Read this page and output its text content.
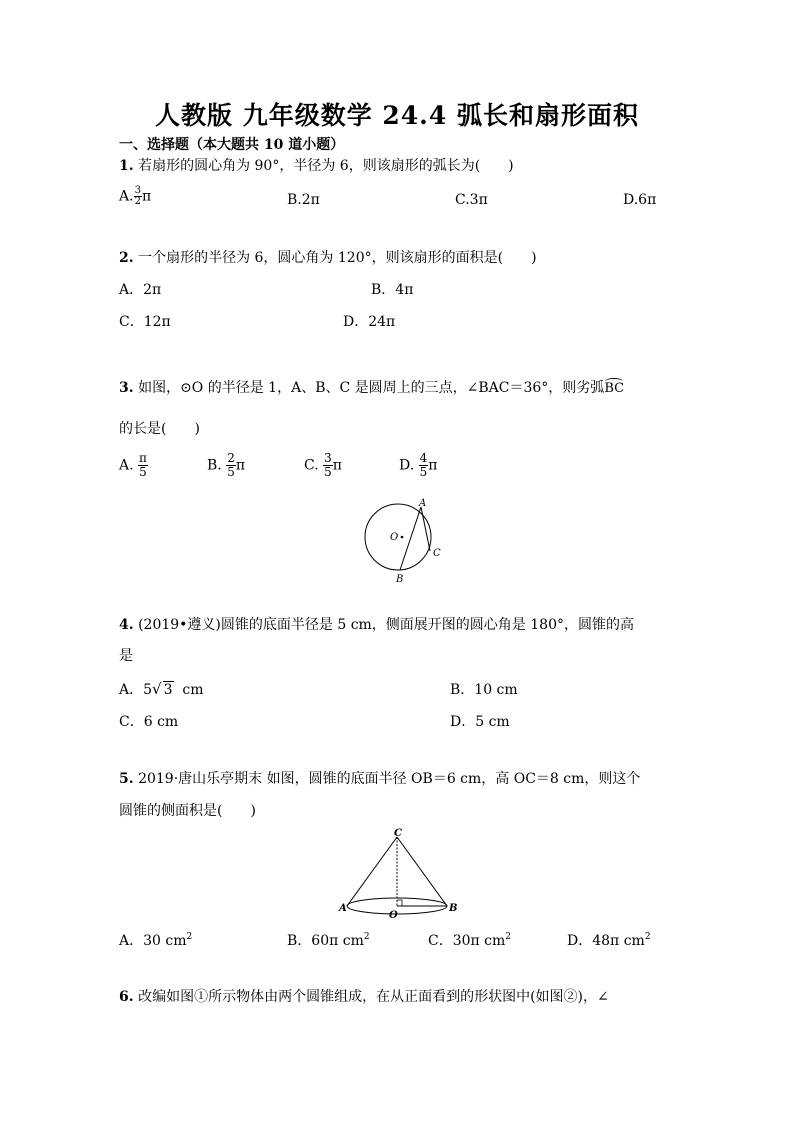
人教版 九年级数学 24.4 弧长和扇形面积
一、选择题（本大题共 10 道小题）
1. 若扇形的圆心角为 90°，半径为 6，则该扇形的弧长为(　　)
A. $\frac{3}{2}$ π	B.2π	C.3π	D.6π
2. 一个扇形的半径为 6，圆心角为 120°，则该扇形的面积是(　　)
A．2π	B．4π
C．12π	D．24π
3. 如图，⊙O 的半径是 1，A、B、C 是圆周上的三点，∠BAC＝36°，则劣弧BC
的长是(　　)
A. $\frac{\pi}{5}$	B. $\frac{2}{5}$ π	C. $\frac{3}{5}$ π	D. $\frac{4}{5}$ π
O
A
C
B
4. (2019•遵义)圆锥的底面半径是 5 cm，侧面展开图的圆心角是 180°，圆锥的高
是
A．5√ 3  cm	B．10 cm
C．6 cm	D．5 cm
5. 2019·唐山乐亭期末 如图，圆锥的底面半径 OB＝6 cm，高 OC＝8 cm，则这个
圆锥的侧面积是(　　)
C
A
O
B
A．30 $cm^2$	B．60π $cm^2$	C．30π $cm^2$	D．48π $cm^2$
6. 改编如图①所示物体由两个圆锥组成，在从正面看到的形状图中(如图②)，∠
